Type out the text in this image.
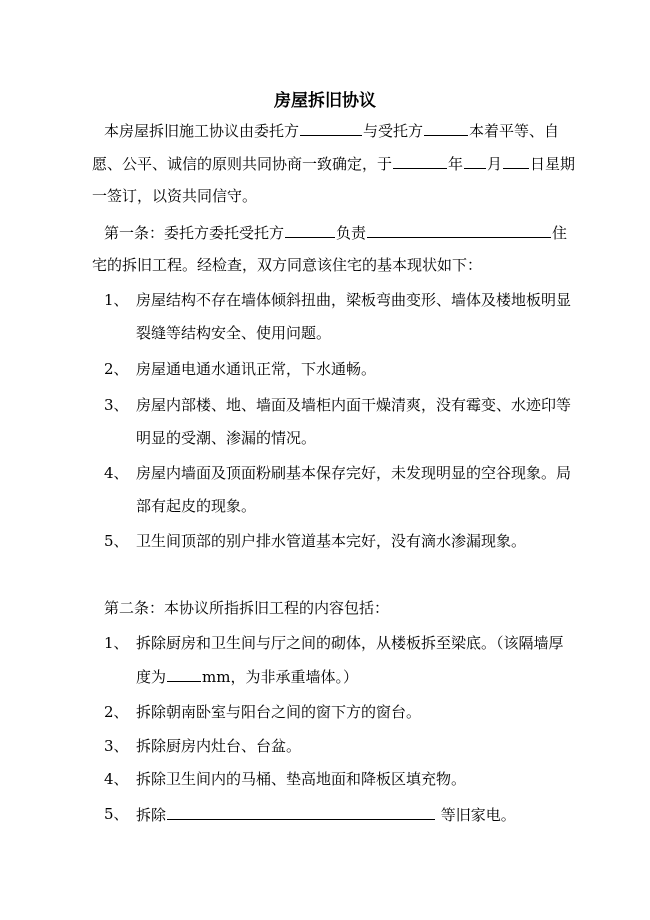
房屋拆旧协议
本房屋拆旧施工协议由委托方	与受托方	本着平等、自
愿、公平、诚信的原则共同协商一致确定，于	年 月 日星期
一签订，以资共同信守。
第一条：委托方委托受托方	负责	住
宅的拆旧工程。经检查，双方同意该住宅的基本现状如下：
1、 房屋结构不存在墙体倾斜扭曲，梁板弯曲变形、墙体及楼地板明显
裂缝等结构安全、使用问题。
2、 房屋通电通水通讯正常，下水通畅。
3、 房屋内部楼、地、墙面及墙柜内面干燥清爽，没有霉变、水迹印等
明显的受潮、渗漏的情况。
4、 房屋内墙面及顶面粉刷基本保存完好，未发现明显的空谷现象。局
部有起皮的现象。
5、 卫生间顶部的别户排水管道基本完好，没有滴水渗漏现象。
第二条：本协议所指拆旧工程的内容包括：
1、 拆除厨房和卫生间与厅之间的砌体，从楼板拆至梁底。（该隔墙厚
度为 mm，为非承重墙体。）
2、 拆除朝南卧室与阳台之间的窗下方的窗台。
3、 拆除厨房内灶台、台盆。
4、 拆除卫生间内的马桶、垫高地面和降板区填充物。
5、 拆除	等旧家电。
